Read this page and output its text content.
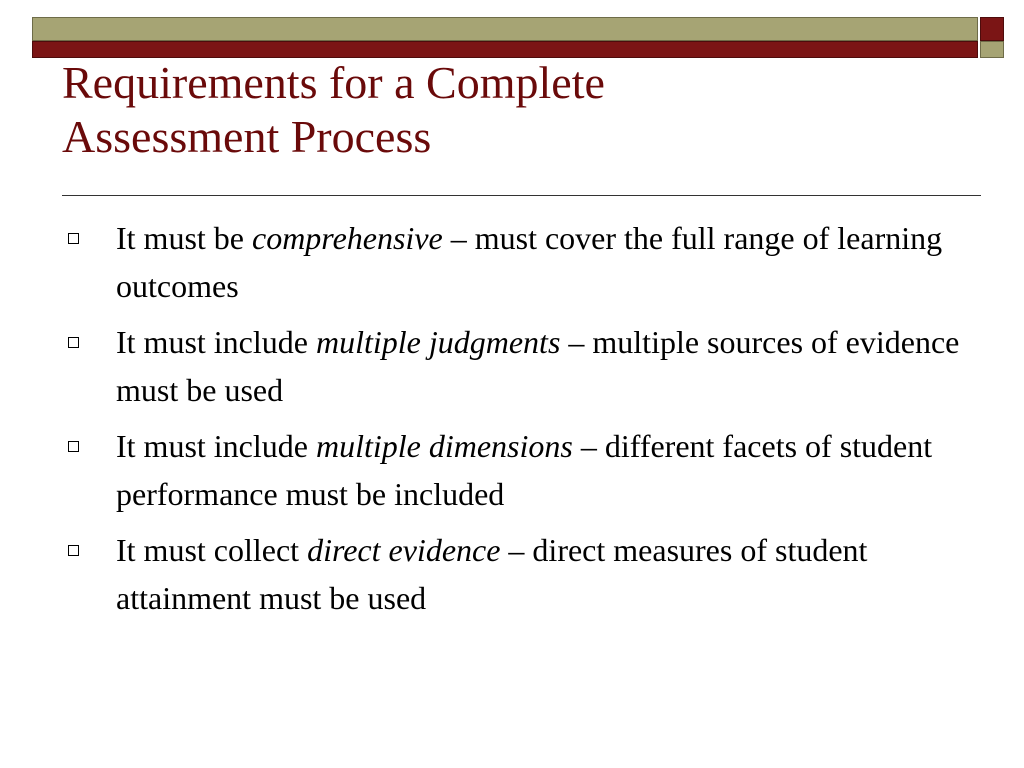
Requirements for a Complete
Assessment Process
It must be comprehensive – must cover the full range of learning outcomes
It must include multiple judgments – multiple sources of evidence must be used
It must include multiple dimensions – different facets of student performance must be included
It must collect direct evidence – direct measures of student attainment must be used
